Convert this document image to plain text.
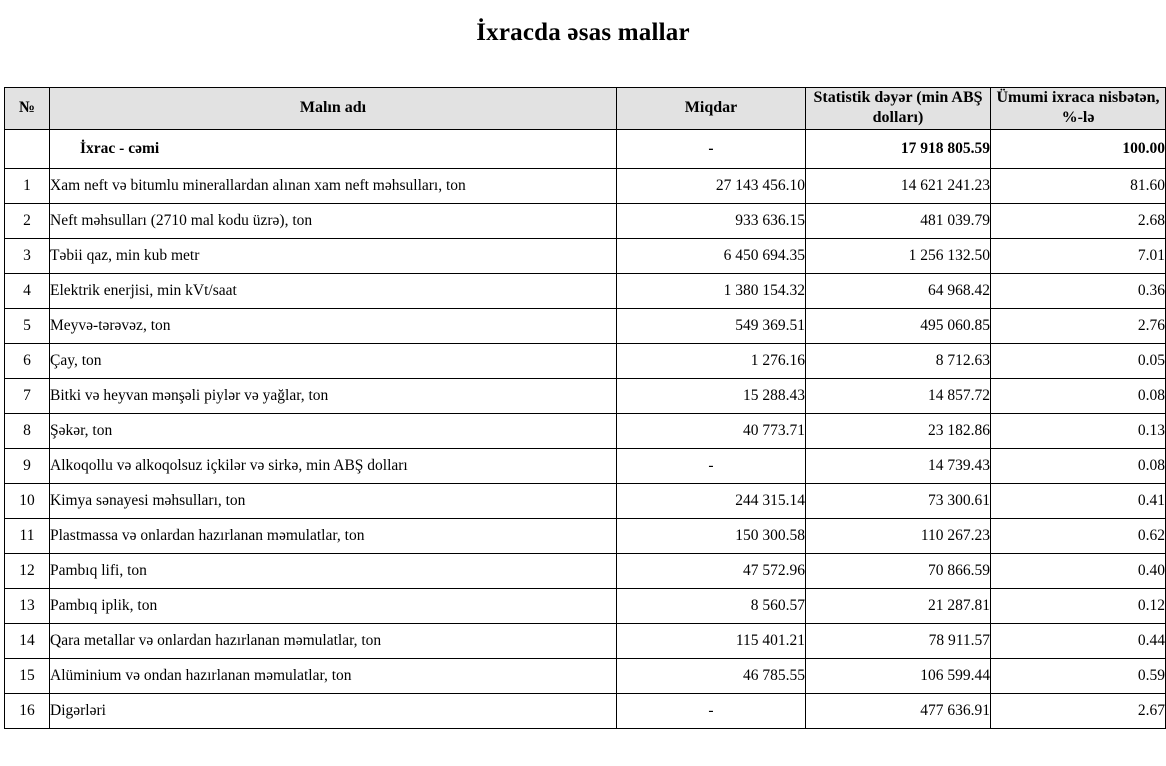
İxracda əsas mallar
№	Malın adı	Miqdar	Statistik dəyər (min ABŞ dolları)	Ümumi ixraca nisbətən, %-lə
	İxrac - cəmi	-	17 918 805.59	100.00
1	Xam neft və bitumlu minerallardan alınan xam neft məhsulları, ton	27 143 456.10	14 621 241.23	81.60
2	Neft məhsulları (2710 mal kodu üzrə), ton	933 636.15	481 039.79	2.68
3	Təbii qaz, min kub metr	6 450 694.35	1 256 132.50	7.01
4	Elektrik enerjisi, min kVt/saat	1 380 154.32	64 968.42	0.36
5	Meyvə-tərəvəz, ton	549 369.51	495 060.85	2.76
6	Çay, ton	1 276.16	8 712.63	0.05
7	Bitki və heyvan mənşəli piylər və yağlar, ton	15 288.43	14 857.72	0.08
8	Şəkər, ton	40 773.71	23 182.86	0.13
9	Alkoqollu və alkoqolsuz içkilər və sirkə, min ABŞ dolları	-	14 739.43	0.08
10	Kimya sənayesi məhsulları, ton	244 315.14	73 300.61	0.41
11	Plastmassa və onlardan hazırlanan məmulatlar, ton	150 300.58	110 267.23	0.62
12	Pambıq lifi, ton	47 572.96	70 866.59	0.40
13	Pambıq iplik, ton	8 560.57	21 287.81	0.12
14	Qara metallar və onlardan hazırlanan məmulatlar, ton	115 401.21	78 911.57	0.44
15	Alüminium və ondan hazırlanan məmulatlar, ton	46 785.55	106 599.44	0.59
16	Digərləri	-	477 636.91	2.67
